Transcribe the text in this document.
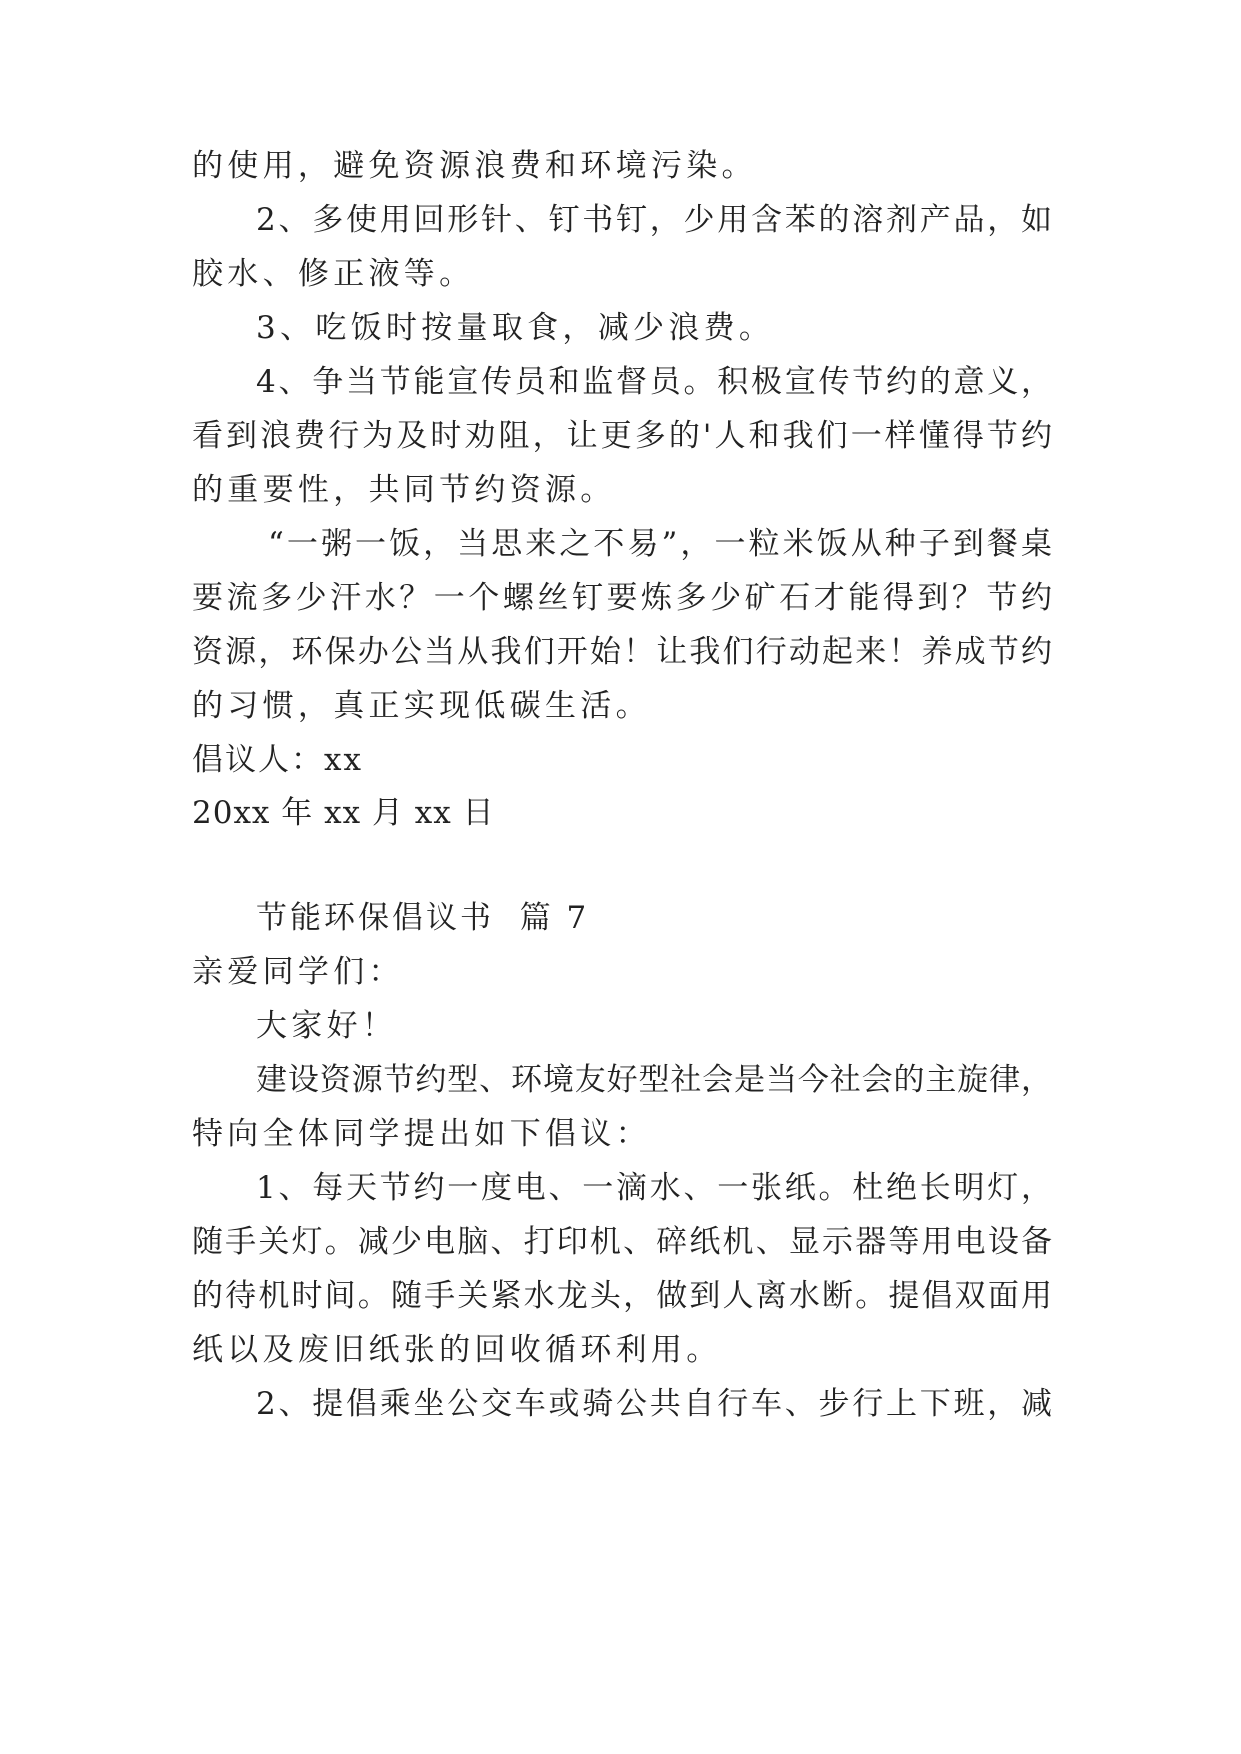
的使用，避免资源浪费和环境污染。
2、多使用回形针、钉书钉，少用含苯的溶剂产品，如
胶水、修正液等。
3、吃饭时按量取食，减少浪费。
4、争当节能宣传员和监督员。积极宣传节约的意义，
看到浪费行为及时劝阻，让更多的'人和我们一样懂得节约
的重要性，共同节约资源。
“一粥一饭，当思来之不易”，一粒米饭从种子到餐桌
要流多少汗水？一个螺丝钉要炼多少矿石才能得到？节约
资源，环保办公当从我们开始！让我们行动起来！养成节约
的习惯，真正实现低碳生活。
倡议人：xx
20xx 年 xx 月 xx 日
节能环保倡议书  篇 7
亲爱同学们：
大家好！
建设资源节约型、环境友好型社会是当今社会的主旋律，
特向全体同学提出如下倡议：
1、每天节约一度电、一滴水、一张纸。杜绝长明灯，
随手关灯。减少电脑、打印机、碎纸机、显示器等用电设备
的待机时间。随手关紧水龙头，做到人离水断。提倡双面用
纸以及废旧纸张的回收循环利用。
2、提倡乘坐公交车或骑公共自行车、步行上下班，减
